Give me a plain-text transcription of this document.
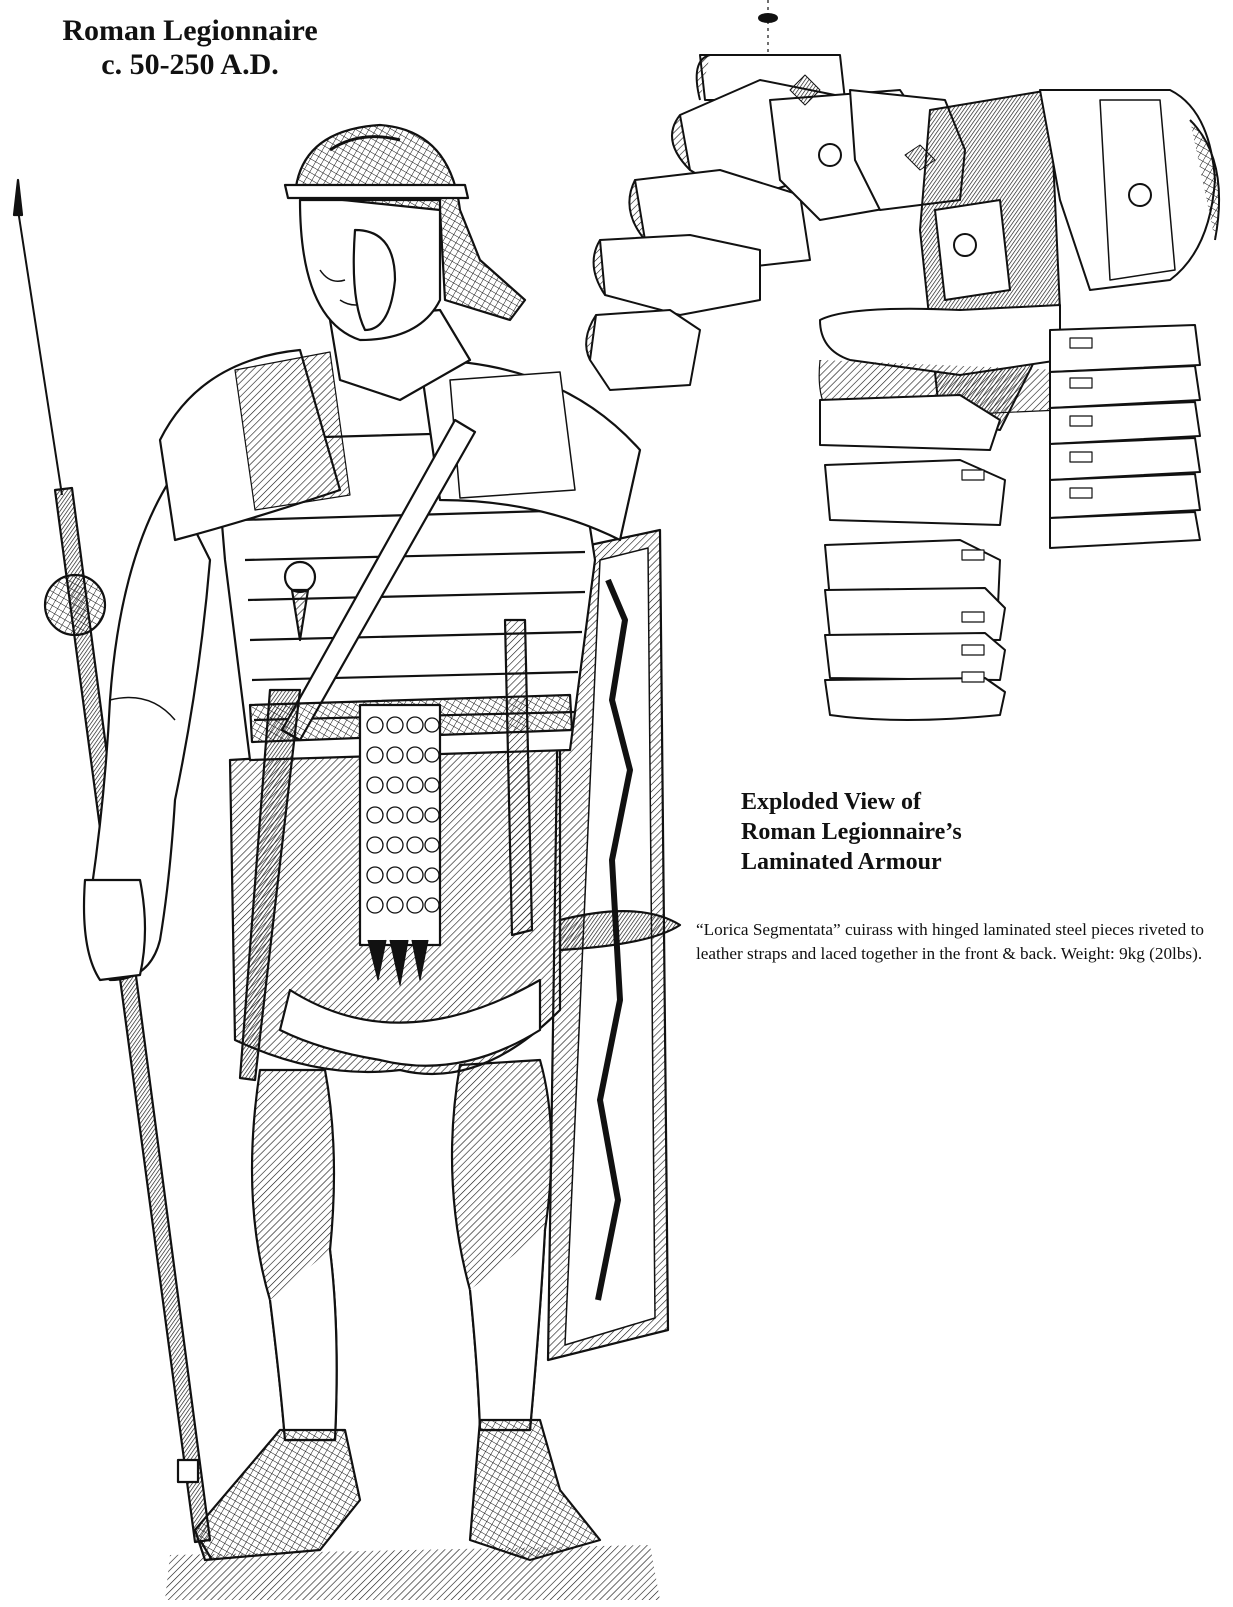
Roman Legionnaire
c. 50-250 A.D.
Exploded View of
Roman Legionnaire’s
Laminated Armour
“Lorica Segmentata” cuirass with hinged laminated steel pieces riveted to leather straps and laced together in the front & back. Weight: 9kg (20lbs).
